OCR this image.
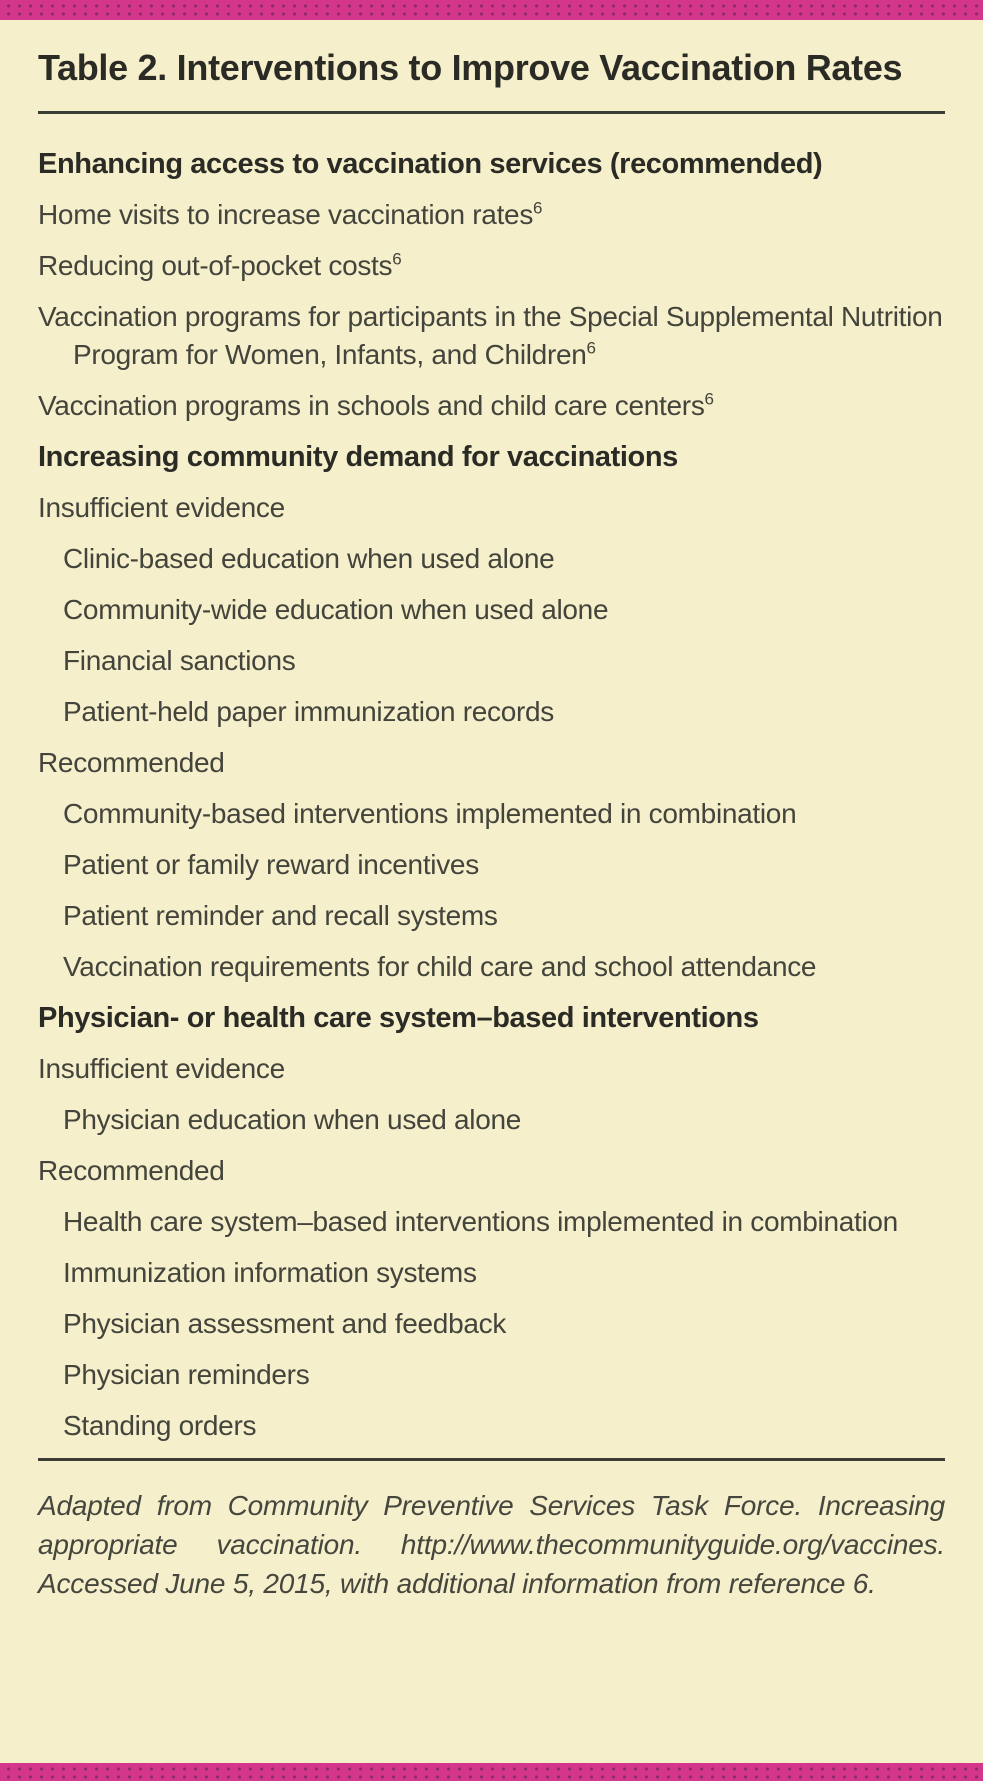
Table 2. Interventions to Improve Vaccination Rates
Enhancing access to vaccination services (recommended)
Home visits to increase vaccination rates$^6$
Reducing out-of-pocket costs$^6$
Vaccination programs for participants in the Special Supplemental Nutrition Program for Women, Infants, and Children$^6$
Vaccination programs in schools and child care centers$^6$
Increasing community demand for vaccinations
Insufficient evidence
Clinic-based education when used alone
Community-wide education when used alone
Financial sanctions
Patient-held paper immunization records
Recommended
Community-based interventions implemented in combination
Patient or family reward incentives
Patient reminder and recall systems
Vaccination requirements for child care and school attendance
Physician- or health care system–based interventions
Insufficient evidence
Physician education when used alone
Recommended
Health care system–based interventions implemented in combination
Immunization information systems
Physician assessment and feedback
Physician reminders
Standing orders
Adapted from Community Preventive Services Task Force. Increasing appropriate vaccination. http://www.thecommunityguide.org/vaccines. Accessed June 5, 2015, with additional information from reference 6.
